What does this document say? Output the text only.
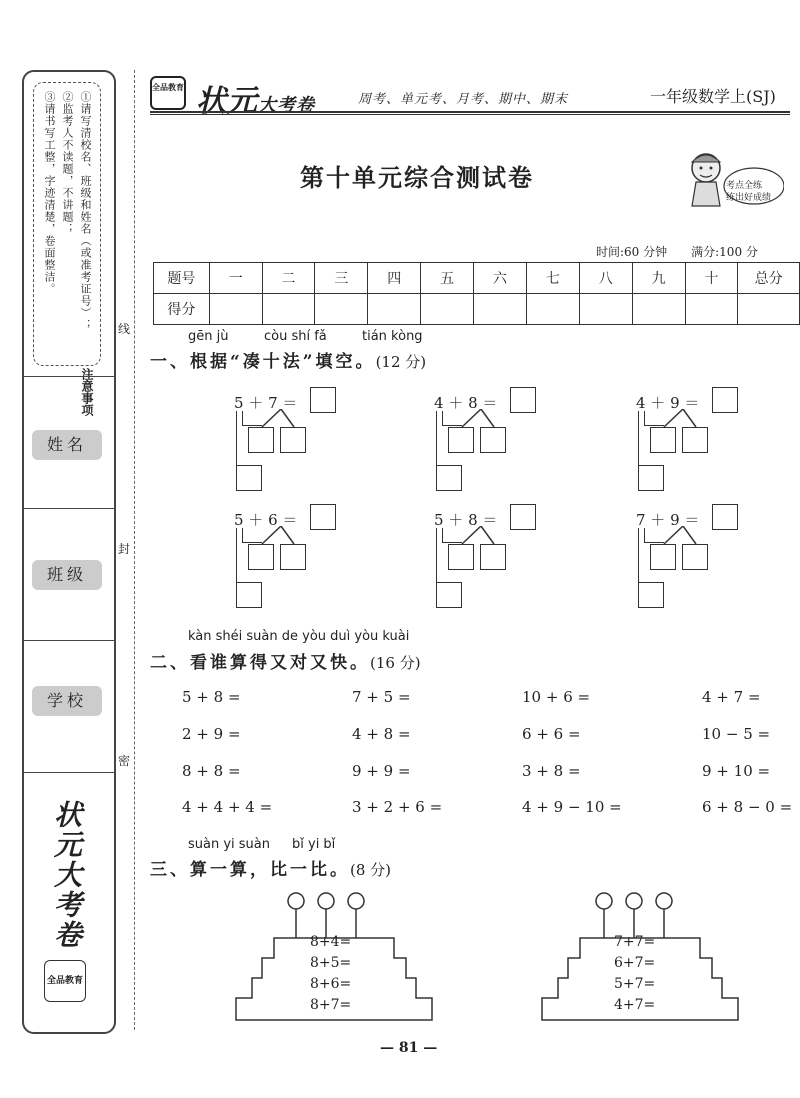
①请写清校名、班级和姓名（或准考证号）；
②监考人不读题，不讲题；
③请书写工整，字迹清楚，卷面整洁。
注意事项
姓名
班级
学校
状元大考卷
全品教育
线
封
密
全品教育 状元大考卷	周考、单元考、月考、期中、期末	一年级数学上(SJ)
第十单元综合测试卷	考点全练
练出好成绩
时间:60 分钟　　满分:100 分
题号	一	二	三	四	五	六	七	八	九	十	总分
得分											
gēn jù	còu shí fǎ	tián kòng
一、根据“凑十法”填空。(12 分)
5 ＋ 7 ＝	4 ＋ 8 ＝	4 ＋ 9 ＝
5 ＋ 6 ＝	5 ＋ 8 ＝	7 ＋ 9 ＝
kàn shéi suàn de yòu duì yòu kuài
二、看谁算得又对又快。(16 分)
5 + 8 =	7 + 5 =	10 + 6 =	4 + 7 =
2 + 9 =	4 + 8 =	6 + 6 =	10 − 5 =
8 + 8 =	9 + 9 =	3 + 8 =	9 + 10 =
4 + 4 + 4 =	3 + 2 + 6 =	4 + 9 − 10 =	6 + 8 − 0 =
suàn yi suàn bǐ yi bǐ
三、算一算，比一比。(8 分)
8+4=
8+5=
8+6=
8+7=
7+7=
6+7=
5+7=
4+7=
— 81 —
